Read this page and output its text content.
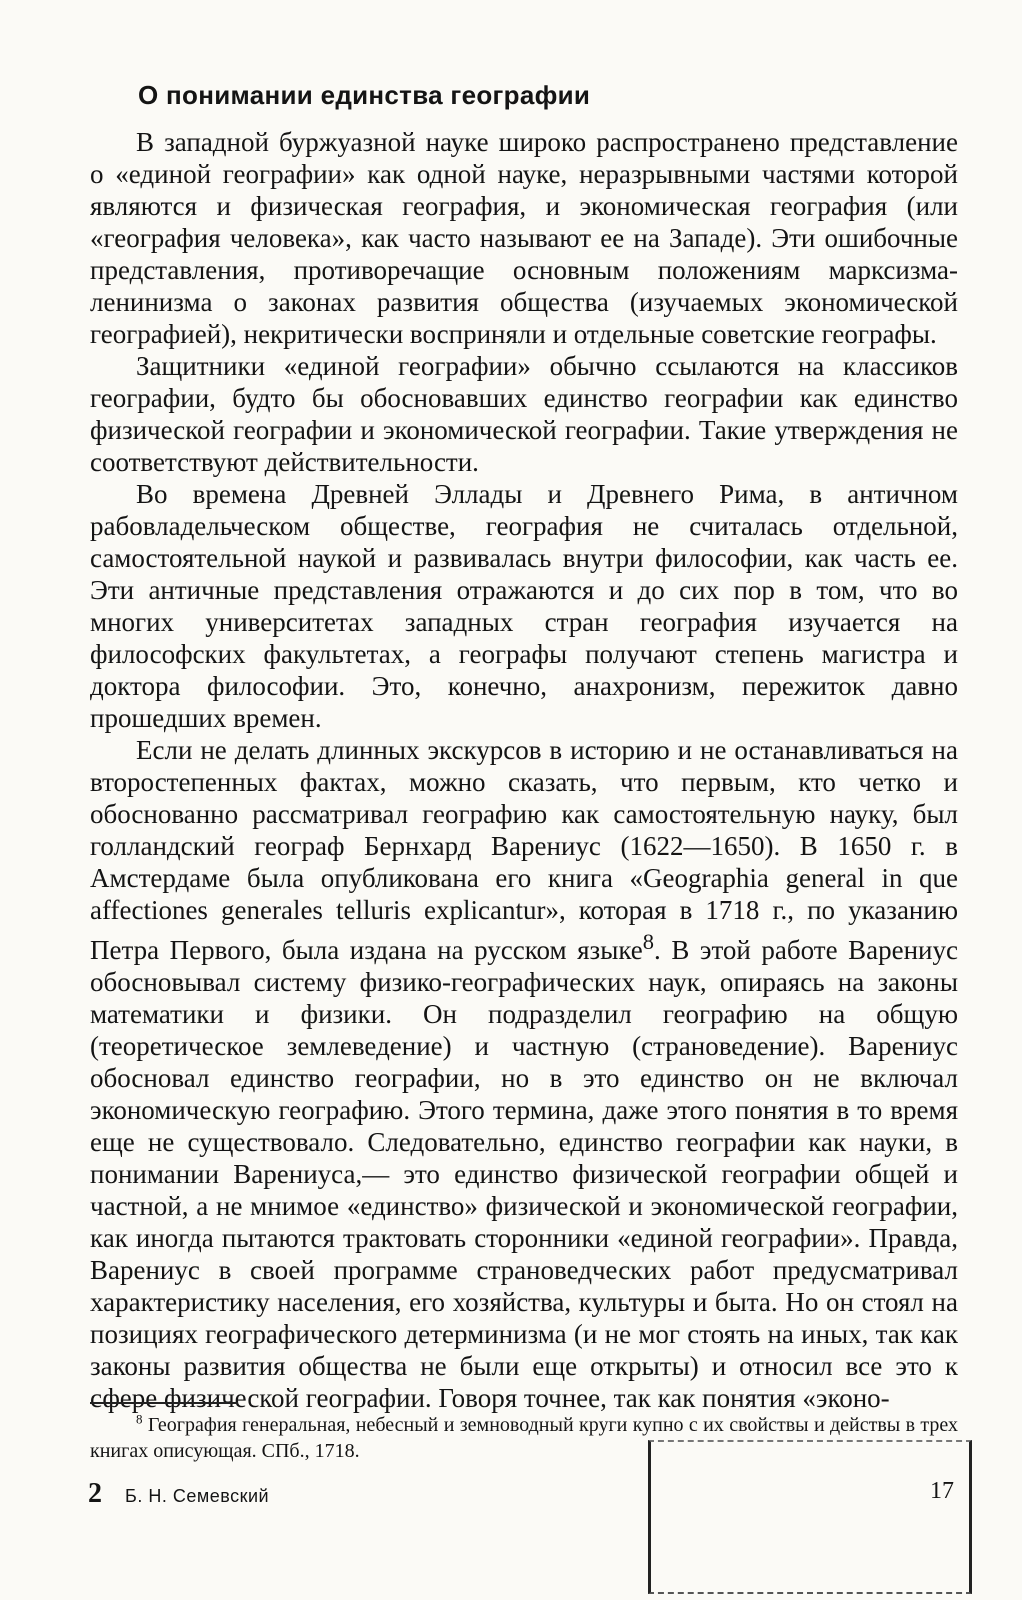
О понимании единства географии

В западной буржуазной науке широко распространено представление о «единой географии» как одной науке, неразрывными частями которой являются и физическая география, и экономическая география (или «география человека», как часто называют ее на Западе). Эти ошибочные представления, противоречащие основным положениям марксизма-ленинизма о законах развития общества (изучаемых экономической географией), некритически восприняли и отдельные советские географы.

Защитники «единой географии» обычно ссылаются на классиков географии, будто бы обосновавших единство географии как единство физической географии и экономической географии. Такие утверждения не соответствуют действительности.

Во времена Древней Эллады и Древнего Рима, в античном рабовладельческом обществе, география не считалась отдельной, самостоятельной наукой и развивалась внутри философии, как часть ее. Эти античные представления отражаются и до сих пор в том, что во многих университетах западных стран география изучается на философских факультетах, а географы получают степень магистра и доктора философии. Это, конечно, анахронизм, пережиток давно прошедших времен.

Если не делать длинных экскурсов в историю и не останавливаться на второстепенных фактах, можно сказать, что первым, кто четко и обоснованно рассматривал географию как самостоятельную науку, был голландский географ Бернхард Варениус (1622—1650). В 1650 г. в Амстердаме была опубликована его книга «Geographia general in que affectiones generales telluris explicantur», которая в 1718 г., по указанию Петра Первого, была издана на русском языке$^8$. В этой работе Варениус обосновывал систему физико-географических наук, опираясь на законы математики и физики. Он подразделил географию на общую (теоретическое землеведение) и частную (страноведение). Варениус обосновал единство географии, но в это единство он не включал экономическую географию. Этого термина, даже этого понятия в то время еще не существовало. Следовательно, единство географии как науки, в понимании Варениуса,— это единство физической географии общей и частной, а не мнимое «единство» физической и экономической географии, как иногда пытаются трактовать сторонники «единой географии». Правда, Варениус в своей программе страноведческих работ предусматривал характеристику населения, его хозяйства, культуры и быта. Но он стоял на позициях географического детерминизма (и не мог стоять на иных, так как законы развития общества не были еще открыты) и относил все это к сфере физической географии. Говоря точнее, так как понятия «эконо-

$^8$ География генеральная, небесный и земноводный круги купно с их свойствы и действы в трех книгах описующая. СПб., 1718.

2 Б. Н. Семевский	17
